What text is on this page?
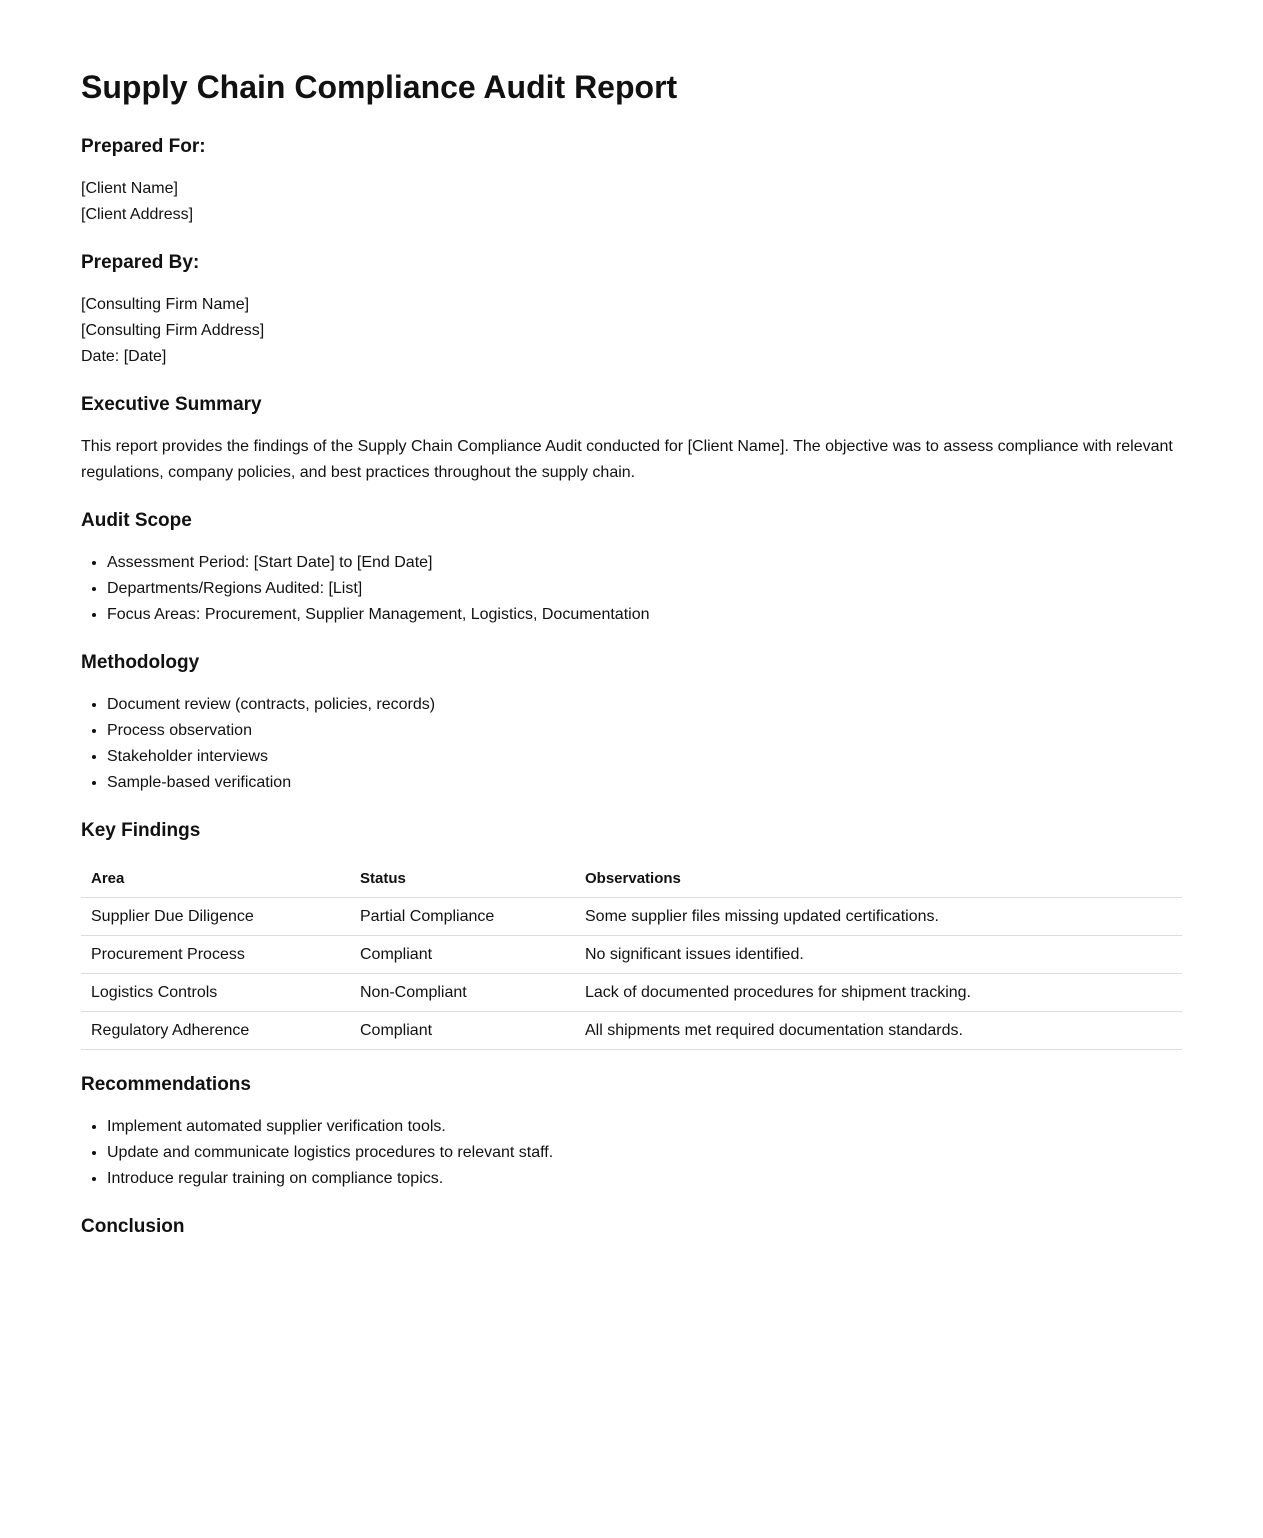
Supply Chain Compliance Audit Report
Prepared For:

[Client Name]

[Client Address]

Prepared By:

[Consulting Firm Name]

[Consulting Firm Address]

Date: [Date]

Executive Summary

This report provides the findings of the Supply Chain Compliance Audit conducted for [Client Name]. The objective was to assess compliance with relevant regulations, company policies, and best practices throughout the supply chain.

Audit Scope
• Assessment Period: [Start Date] to [End Date]
• Departments/Regions Audited: [List]
• Focus Areas: Procurement, Supplier Management, Logistics, Documentation
Methodology
• Document review (contracts, policies, records)
• Process observation
• Stakeholder interviews
• Sample-based verification
Key Findings
Area	Status	Observations
Supplier Due Diligence	Partial Compliance	Some supplier files missing updated certifications.
Procurement Process	Compliant	No significant issues identified.
Logistics Controls	Non-Compliant	Lack of documented procedures for shipment tracking.
Regulatory Adherence	Compliant	All shipments met required documentation standards.
Recommendations
• Implement automated supplier verification tools.
• Update and communicate logistics procedures to relevant staff.
• Introduce regular training on compliance topics.
Conclusion
